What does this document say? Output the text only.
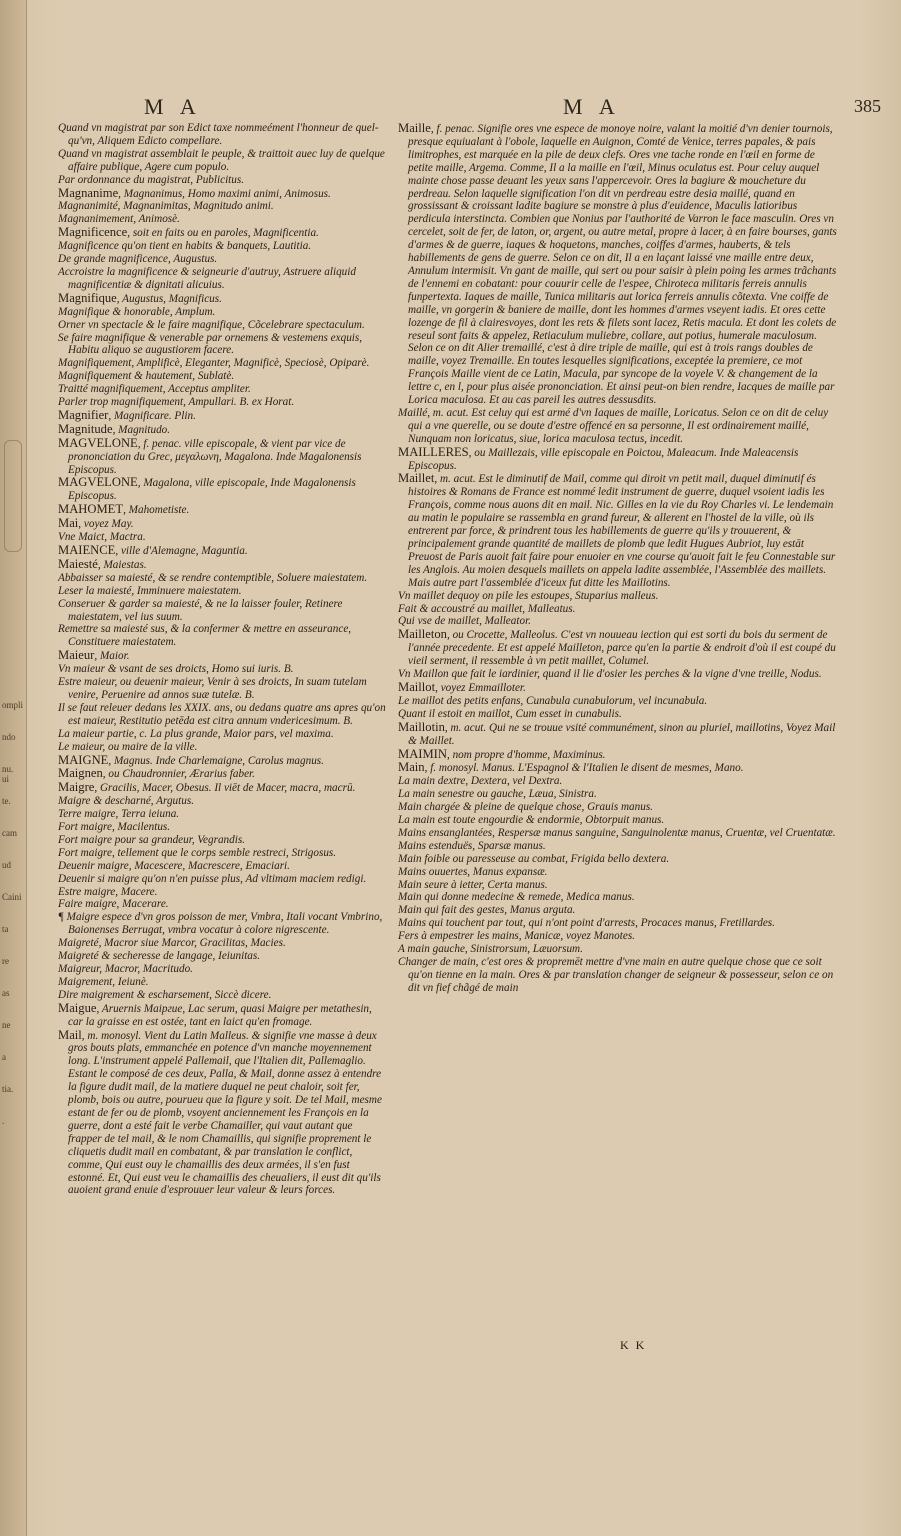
ompli
ndo
nu. ui
te.
cam
ud
Caini
ta
re
as
ne
a
tia.
.
M A	M A	385
Quand vn magistrat par son Edict taxe nommeément l'honneur de quel-qu'vn, Aliquem Edicto compellare.
Quand vn magistrat assemblait le peuple, & traittoit auec luy de quelque affaire publique, Agere cum populo.
Par ordonnance du magistrat, Publicitus.
Magnanime, Magnanimus, Homo maximi animi, Animosus.
Magnanimité, Magnanimitas, Magnitudo animi.
Magnanimement, Animosè.
Magnificence, soit en faits ou en paroles, Magnificentia.
Magnificence qu'on tient en habits & banquets, Lautitia.
De grande magnificence, Augustus.
Accroistre la magnificence & seigneurie d'autruy, Astruere aliquid magnificentiæ & dignitati alicuius.
Magnifique, Augustus, Magnificus.
Magnifique & honorable, Amplum.
Orner vn spectacle & le faire magnifique, Cõcelebrare spectaculum.
Se faire magnifique & venerable par ornemens & vestemens exquis, Habitu aliquo se augustiorem facere.
Magnifiquement, Amplificè, Eleganter, Magnificè, Speciosè, Opiparè.
Magnifiquement & hautement, Sublatè.
Traitté magnifiquement, Acceptus ampliter.
Parler trop magnifiquement, Ampullari. B. ex Horat.
Magnifier, Magnificare. Plin.
Magnitude, Magnitudo.
MAGVELONE, f. penac. ville episcopale, & vient par vice de prononciation du Grec, μεγαλωνη, Magalona. Inde Magalonensis Episcopus.
MAGVELONE, Magalona, ville episcopale, Inde Magalonensis Episcopus.
MAHOMET, Mahometiste.
Mai, voyez May.
Vne Maict, Mactra.
MAIENCE, ville d'Alemagne, Maguntia.
Maiesté, Maiestas.
Abbaisser sa maiesté, & se rendre contemptible, Soluere maiestatem.
Leser la maiesté, Imminuere maiestatem.
Conseruer & garder sa maiesté, & ne la laisser fouler, Retinere maiestatem, vel ius suum.
Remettre sa maiesté sus, & la confermer & mettre en asseurance, Constituere maiestatem.
Maieur, Maior.
Vn maieur & vsant de ses droicts, Homo sui iuris. B.
Estre maieur, ou deuenir maieur, Venir à ses droicts, In suam tutelam venire, Peruenire ad annos suæ tutelæ. B.
Il se faut releuer dedans les XXIX. ans, ou dedans quatre ans apres qu'on est maieur, Restitutio petēda est citra annum vndericesimum. B.
La maieur partie, c. La plus grande, Maior pars, vel maxima.
Le maieur, ou maire de la ville.
MAIGNE, Magnus. Inde Charlemaigne, Carolus magnus.
Maignen, ou Chaudronnier, Ærarius faber.
Maigre, Gracilis, Macer, Obesus. Il viēt de Macer, macra, macrū.
Maigre & descharné, Argutus.
Terre maigre, Terra ieiuna.
Fort maigre, Macilentus.
Fort maigre pour sa grandeur, Vegrandis.
Fort maigre, tellement que le corps semble restreci, Strigosus.
Deuenir maigre, Macescere, Macrescere, Emaciari.
Deuenir si maigre qu'on n'en puisse plus, Ad vltimam maciem redigi.
Estre maigre, Macere.
Faire maigre, Macerare.
¶ Maigre espece d'vn gros poisson de mer, Vmbra, Itali vocant Vmbrino, Baionenses Berrugat, vmbra vocatur à colore nigrescente.
Maigreté, Macror siue Marcor, Gracilitas, Macies.
Maigreté & secheresse de langage, Ieiunitas.
Maigreur, Macror, Macritudo.
Maigrement, Ieiunè.
Dire maigrement & escharsement, Siccè dicere.
Maigue, Aruernis Maiргue, Lac serum, quasi Maigre per metathesin, car la graisse en est ostée, tant en laict qu'en fromage.
Mail, m. monosyl. Vient du Latin Malleus. & signifie vne masse à deux gros bouts plats, emmanchée en potence d'vn manche moyennement long. L'instrument appelé Pallemail, que l'Italien dit, Pallemaglio. Estant le composé de ces deux, Palla, & Mail, donne assez à entendre la figure dudit mail, de la matiere duquel ne peut chaloir, soit fer, plomb, bois ou autre, pourueu que la figure y soit. De tel Mail, mesme estant de fer ou de plomb, vsoyent anciennement les François en la guerre, dont a esté fait le verbe Chamailler, qui vaut autant que frapper de tel mail, & le nom Chamaillis, qui signifie proprement le cliquetis dudit mail en combatant, & par translation le conflict, comme, Qui eust ouy le chamaillis des deux armées, il s'en fust estonné. Et, Qui eust veu le chamaillis des cheualiers, il eust dit qu'ils auoient grand enuie d'esprouuer leur valeur & leurs forces.
Maille, f. penac. Signifie ores vne espece de monoye noire, valant la moitié d'vn denier tournois, presque equiualant à l'obole, laquelle en Auignon, Comté de Venice, terres papales, & pais limitrophes, est marquée en la pile de deux clefs. Ores vne tache ronde en l'œil en forme de petite maille, Argema. Comme, Il a la maille en l'œil, Minus oculatus est. Pour celuy auquel mainte chose passe deuant les yeux sans l'appercevoir. Ores la bagiure & moucheture du perdreau. Selon laquelle signification l'on dit vn perdreau estre desia maillé, quand en grossissant & croissant ladite bagiure se monstre à plus d'euidence, Maculis latioribus perdicula interstincta. Combien que Nonius par l'authorité de Varron le face masculin. Ores vn cercelet, soit de fer, de laton, or, argent, ou autre metal, propre à lacer, à en faire bourses, gants d'armes & de guerre, iaques & hoquetons, manches, coiffes d'armes, hauberts, & tels habillements de gens de guerre. Selon ce on dit, Il a en laçant laissé vne maille entre deux, Annulum intermisit. Vn gant de maille, qui sert ou pour saisir à plein poing les armes trãchants de l'ennemi en cobatant: pour couurir celle de l'espee, Chiroteca militaris ferreis annulis funpertexta. Iaques de maille, Tunica militaris aut lorica ferreis annulis cõtexta. Vne coiffe de maille, vn gorgerin & baniere de maille, dont les hommes d'armes vseyent iadis. Et ores cette lozenge de fil à clairesvoyes, dont les rets & filets sont lacez, Retis macula. Et dont les colets de reseul sont faits & appelez, Retiaculum muliebre, collare, aut potius, humerale maculosum. Selon ce on dit Alier tremaillé, c'est à dire triple de maille, qui est à trois rangs doubles de maille, voyez Tremaille. En toutes lesquelles significations, exceptée la premiere, ce mot François Maille vient de ce Latin, Macula, par syncope de la voyele V. & changement de la lettre c, en l, pour plus aisée prononciation. Et ainsi peut-on bien rendre, Iacques de maille par Lorica maculosa. Et au cas pareil les autres dessusdits.
Maillé, m. acut. Est celuy qui est armé d'vn Iaques de maille, Loricatus. Selon ce on dit de celuy qui a vne querelle, ou se doute d'estre offencé en sa personne, Il est ordinairement maillé, Nunquam non loricatus, siue, lorica maculosa tectus, incedit.
MAILLERES, ou Maillezais, ville episcopale en Poictou, Maleacum. Inde Maleacensis Episcopus.
Maillet, m. acut. Est le diminutif de Mail, comme qui diroit vn petit mail, duquel diminutif és histoires & Romans de France est nommé ledit instrument de guerre, duquel vsoient iadis les François, comme nous auons dit en mail. Nic. Gilles en la vie du Roy Charles vi. Le lendemain au matin le populaire se rassembla en grand fureur, & allerent en l'hostel de la ville, où ils entrerent par force, & prindrent tous les habillements de guerre qu'ils y trouuerent, & principalement grande quantité de maillets de plomb que ledit Hugues Aubriot, luy estāt Preuost de Paris auoit fait faire pour enuoier en vne course qu'auoit fait le feu Connestable sur les Anglois. Au moien desquels maillets on appela ladite assemblée, l'Assemblée des maillets. Mais autre part l'assemblée d'iceux fut ditte les Maillotins.
Vn maillet dequoy on pile les estoupes, Stuparius malleus.
Fait & accoustré au maillet, Malleatus.
Qui vse de maillet, Malleator.
Mailleton, ou Crocette, Malleolus. C'est vn nouueau iection qui est sorti du bois du serment de l'année precedente. Et est appelé Mailleton, parce qu'en la partie & endroit d'où il est coupé du vieil serment, il ressemble à vn petit maillet, Columel.
Vn Maillon que fait le iardinier, quand il lie d'osier les perches & la vigne d'vne treille, Nodus.
Maillot, voyez Emmailloter.
Le maillot des petits enfans, Cunabula cunabulorum, vel incunabula.
Quant il estoit en maillot, Cum esset in cunabulis.
Maillotin, m. acut. Qui ne se trouue vsité communément, sinon au pluriel, maillotins, Voyez Mail & Maillet.
MAIMIN, nom propre d'homme, Maximinus.
Main, f. monosyl. Manus. L'Espagnol & l'Italien le disent de mesmes, Mano.
La main dextre, Dextera, vel Dextra.
La main senestre ou gauche, Læua, Sinistra.
Main chargée & pleine de quelque chose, Grauis manus.
La main est toute engourdie & endormie, Obtorpuit manus.
Mains ensanglantées, Respersæ manus sanguine, Sanguinolentæ manus, Cruentæ, vel Cruentatæ.
Mains estenduës, Sparsæ manus.
Main foible ou paresseuse au combat, Frigida bello dextera.
Mains ouuertes, Manus expansæ.
Main seure à ietter, Certa manus.
Main qui donne medecine & remede, Medica manus.
Main qui fait des gestes, Manus arguta.
Mains qui touchent par tout, qui n'ont point d'arrests, Procaces manus, Fretillardes.
Fers à empestrer les mains, Manicæ, voyez Manotes.
A main gauche, Sinistrorsum, Læuorsum.
Changer de main, c'est ores & propremēt mettre d'vne main en autre quelque chose que ce soit qu'on tienne en la main. Ores & par translation changer de seigneur & possesseur, selon ce on dit vn fief chãgé de main
K K
